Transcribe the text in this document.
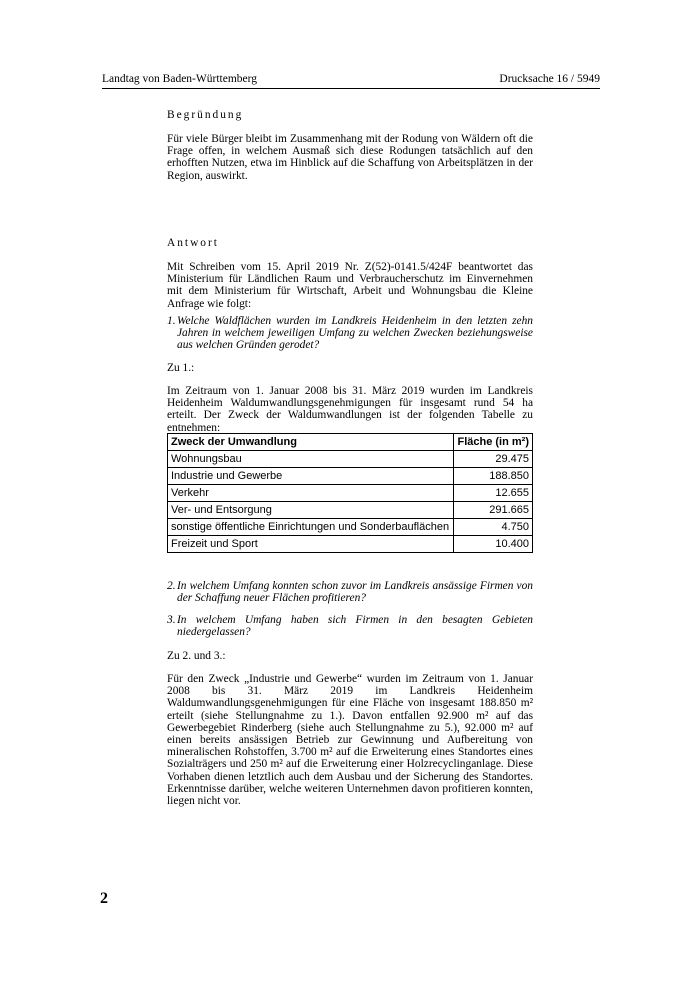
Landtag von Baden-Württemberg	Drucksache 16 / 5949
Begründung

Für viele Bürger bleibt im Zusammenhang mit der Rodung von Wäldern oft die Frage offen, in welchem Ausmaß sich diese Rodungen tatsächlich auf den erhofften Nutzen, etwa im Hinblick auf die Schaffung von Arbeitsplätzen in der Region, auswirkt.

Antwort

Mit Schreiben vom 15. April 2019 Nr. Z(52)-0141.5/424F beantwortet das Ministerium für Ländlichen Raum und Verbraucherschutz im Einvernehmen mit dem Ministerium für Wirtschaft, Arbeit und Wohnungsbau die Kleine Anfrage wie folgt:

1. Welche Waldflächen wurden im Landkreis Heidenheim in den letzten zehn Jahren in welchem jeweiligen Umfang zu welchen Zwecken beziehungsweise aus welchen Gründen gerodet?
Zu 1.:

Im Zeitraum von 1. Januar 2008 bis 31. März 2019 wurden im Landkreis Heidenheim Waldumwandlungsgenehmigungen für insgesamt rund 54 ha erteilt. Der Zweck der Waldumwandlungen ist der folgenden Tabelle zu entnehmen:

Zweck der Umwandlung	Fläche (in m²)
Wohnungsbau	29.475
Industrie und Gewerbe	188.850
Verkehr	12.655
Ver- und Entsorgung	291.665
sonstige öffentliche Einrichtungen und Sonderbauflächen	4.750
Freizeit und Sport	10.400
2. In welchem Umfang konnten schon zuvor im Landkreis ansässige Firmen von der Schaffung neuer Flächen profitieren?
3. In welchem Umfang haben sich Firmen in den besagten Gebieten niedergelassen?
Zu 2. und 3.:

Für den Zweck „Industrie und Gewerbe“ wurden im Zeitraum von 1. Januar 2008 bis 31. März 2019 im Landkreis Heidenheim Waldumwandlungsgenehmigungen für eine Fläche von insgesamt 188.850 m² erteilt (siehe Stellungnahme zu 1.). Davon entfallen 92.900 m² auf das Gewerbegebiet Rinderberg (siehe auch Stellungnahme zu 5.), 92.000 m² auf einen bereits ansässigen Betrieb zur Gewinnung und Aufbereitung von mineralischen Rohstoffen, 3.700 m² auf die Erweiterung eines Standortes eines Sozialträgers und 250 m² auf die Erweiterung einer Holzrecyclinganlage. Diese Vorhaben dienen letztlich auch dem Ausbau und der Sicherung des Standortes. Erkenntnisse darüber, welche weiteren Unternehmen davon profitieren konnten, liegen nicht vor.

2
